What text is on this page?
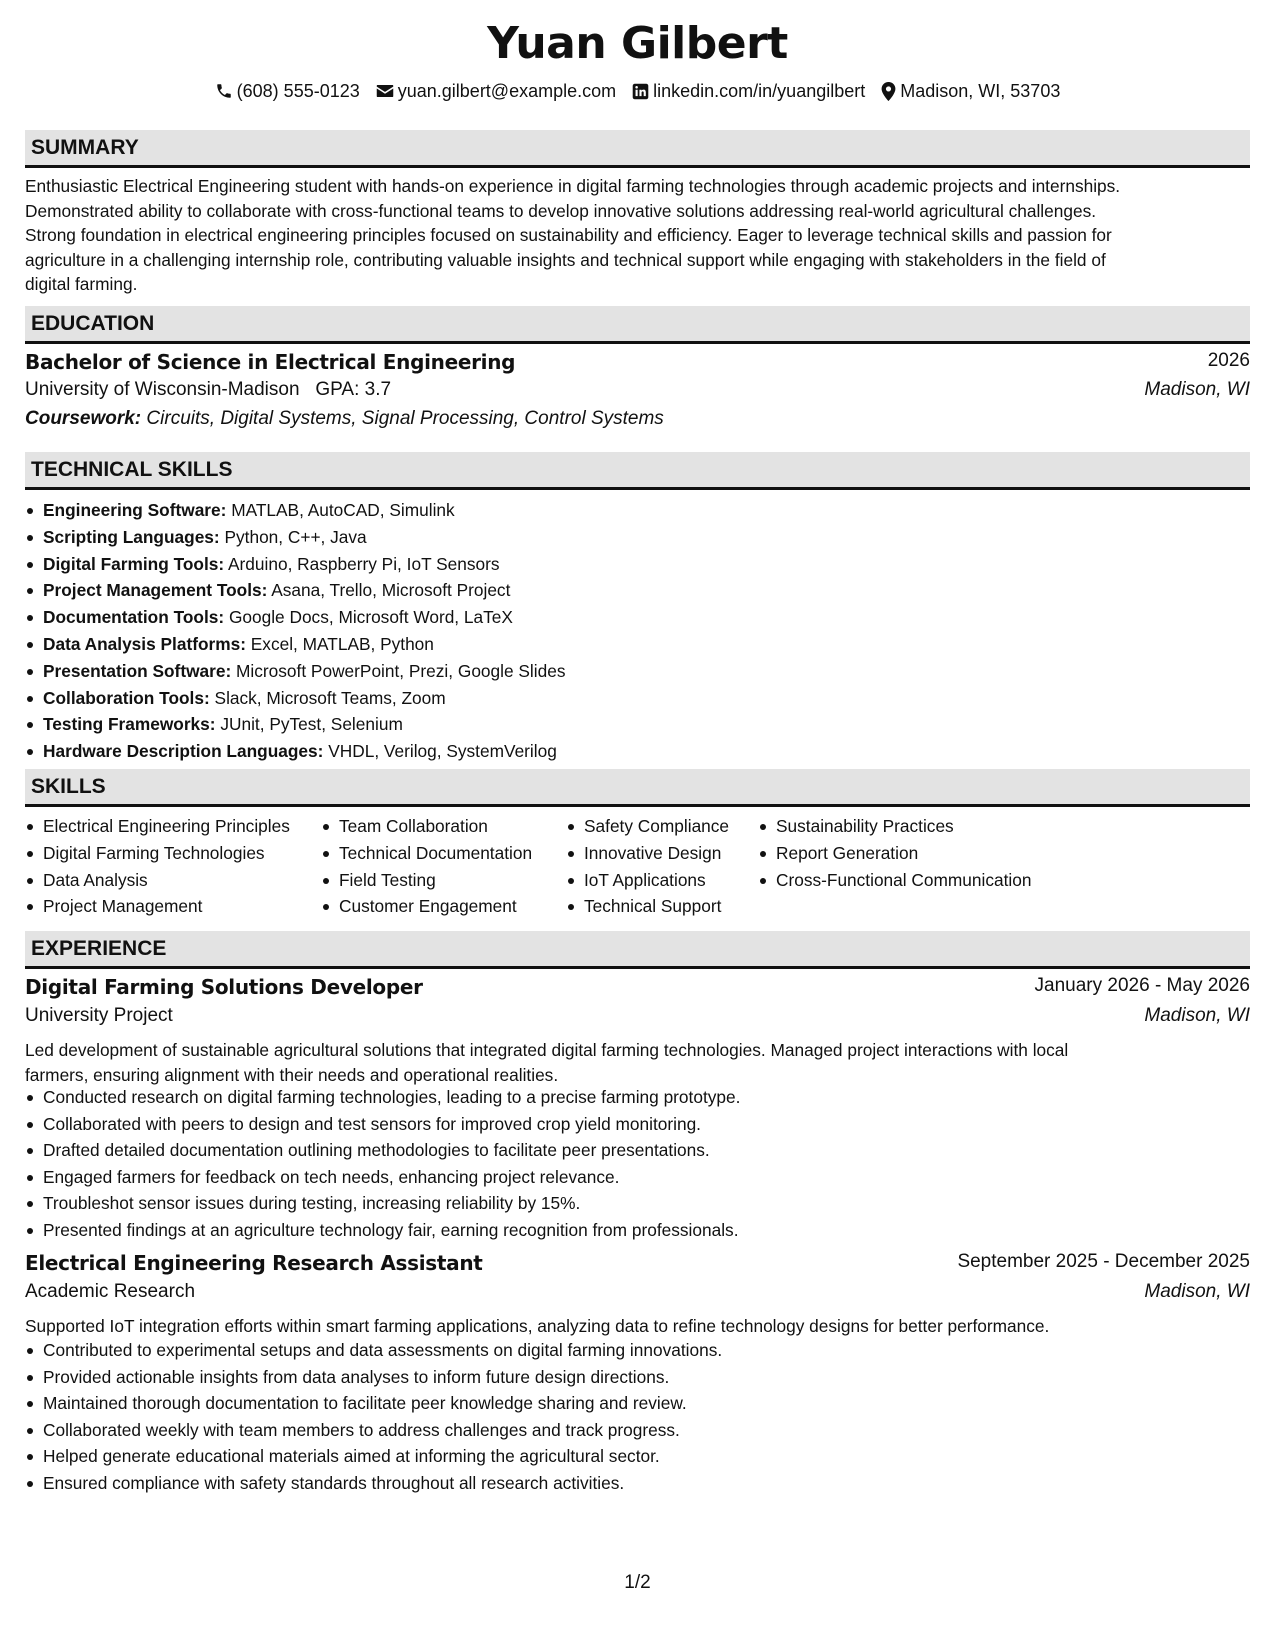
Yuan Gilbert
(608) 555-0123 yuan.gilbert@example.com linkedin.com/in/yuangilbert Madison, WI, 53703
SUMMARY
Enthusiastic Electrical Engineering student with hands-on experience in digital farming technologies through academic projects and internships.
Demonstrated ability to collaborate with cross-functional teams to develop innovative solutions addressing real-world agricultural challenges.
Strong foundation in electrical engineering principles focused on sustainability and efficiency. Eager to leverage technical skills and passion for
agriculture in a challenging internship role, contributing valuable insights and technical support while engaging with stakeholders in the field of
digital farming.
EDUCATION
Bachelor of Science in Electrical Engineering	2026
University of Wisconsin-Madison GPA: 3.7	Madison, WI
Coursework: Circuits, Digital Systems, Signal Processing, Control Systems
TECHNICAL SKILLS
Engineering Software: MATLAB, AutoCAD, Simulink
Scripting Languages: Python, C++, Java
Digital Farming Tools: Arduino, Raspberry Pi, IoT Sensors
Project Management Tools: Asana, Trello, Microsoft Project
Documentation Tools: Google Docs, Microsoft Word, LaTeX
Data Analysis Platforms: Excel, MATLAB, Python
Presentation Software: Microsoft PowerPoint, Prezi, Google Slides
Collaboration Tools: Slack, Microsoft Teams, Zoom
Testing Frameworks: JUnit, PyTest, Selenium
Hardware Description Languages: VHDL, Verilog, SystemVerilog
SKILLS
Electrical Engineering Principles
Digital Farming Technologies
Data Analysis
Project Management
Team Collaboration
Technical Documentation
Field Testing
Customer Engagement
Safety Compliance
Innovative Design
IoT Applications
Technical Support
Sustainability Practices
Report Generation
Cross-Functional Communication
EXPERIENCE
Digital Farming Solutions Developer	January 2026 - May 2026
University Project	Madison, WI
Led development of sustainable agricultural solutions that integrated digital farming technologies. Managed project interactions with local
farmers, ensuring alignment with their needs and operational realities.
Conducted research on digital farming technologies, leading to a precise farming prototype.
Collaborated with peers to design and test sensors for improved crop yield monitoring.
Drafted detailed documentation outlining methodologies to facilitate peer presentations.
Engaged farmers for feedback on tech needs, enhancing project relevance.
Troubleshot sensor issues during testing, increasing reliability by 15%.
Presented findings at an agriculture technology fair, earning recognition from professionals.
Electrical Engineering Research Assistant	September 2025 - December 2025
Academic Research	Madison, WI
Supported IoT integration efforts within smart farming applications, analyzing data to refine technology designs for better performance.
Contributed to experimental setups and data assessments on digital farming innovations.
Provided actionable insights from data analyses to inform future design directions.
Maintained thorough documentation to facilitate peer knowledge sharing and review.
Collaborated weekly with team members to address challenges and track progress.
Helped generate educational materials aimed at informing the agricultural sector.
Ensured compliance with safety standards throughout all research activities.
1/2
